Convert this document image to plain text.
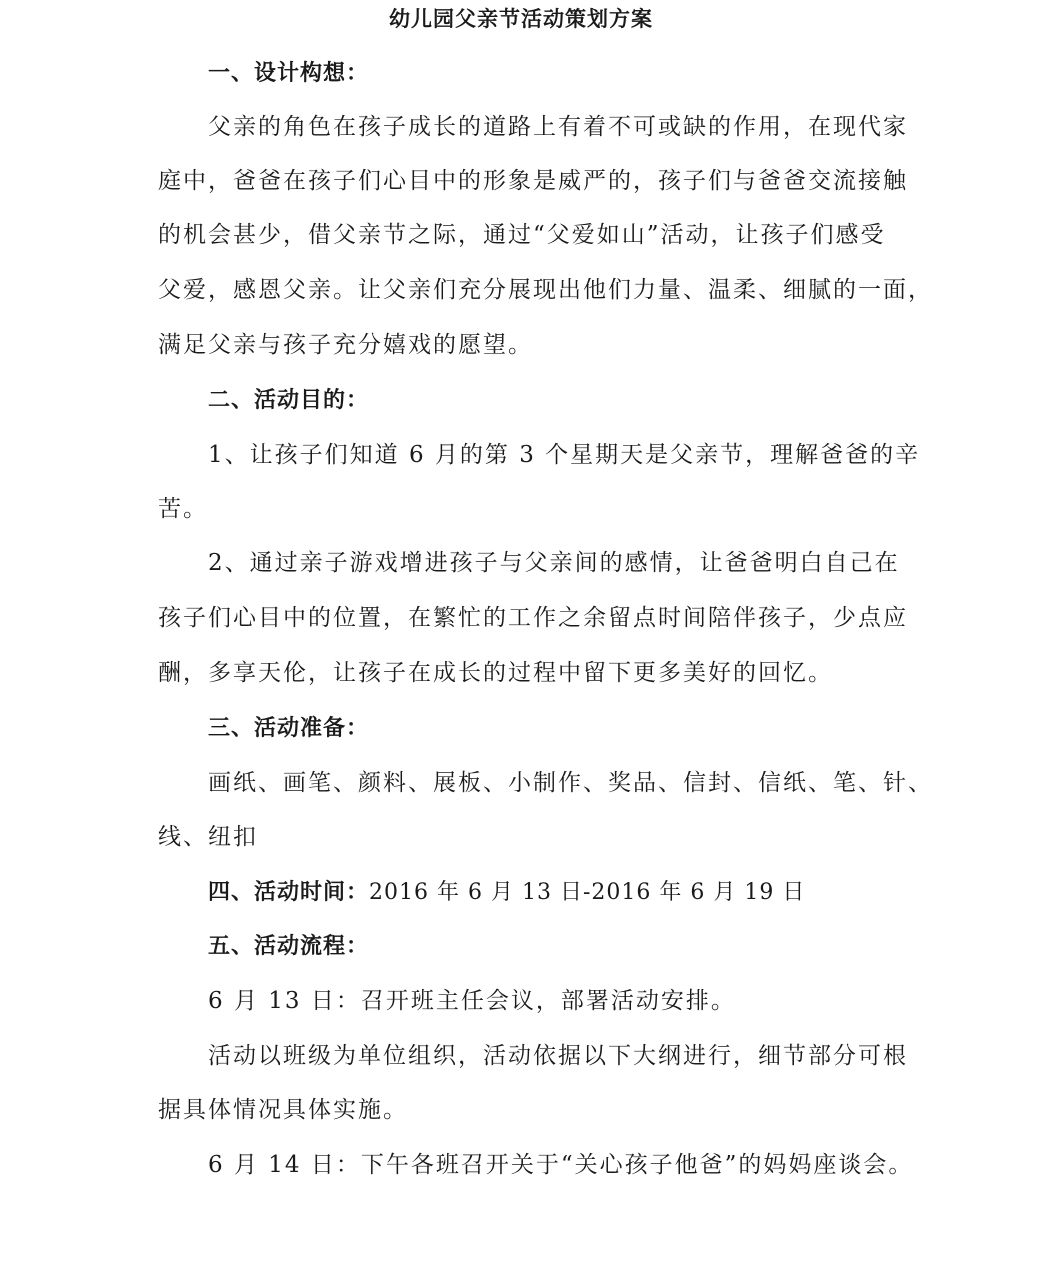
幼儿园父亲节活动策划方案
一、设计构想：
父亲的角色在孩子成长的道路上有着不可或缺的作用，在现代家
庭中，爸爸在孩子们心目中的形象是威严的，孩子们与爸爸交流接触
的机会甚少，借父亲节之际，通过“父爱如山”活动，让孩子们感受
父爱，感恩父亲。让父亲们充分展现出他们力量、温柔、细腻的一面，
满足父亲与孩子充分嬉戏的愿望。
二、活动目的：
1、让孩子们知道 6 月的第 3 个星期天是父亲节，理解爸爸的辛
苦。
2、通过亲子游戏增进孩子与父亲间的感情，让爸爸明白自己在
孩子们心目中的位置，在繁忙的工作之余留点时间陪伴孩子，少点应
酬，多享天伦，让孩子在成长的过程中留下更多美好的回忆。
三、活动准备：
画纸、画笔、颜料、展板、小制作、奖品、信封、信纸、笔、针、
线、纽扣
四、活动时间：2016 年 6 月 13 日-2016 年 6 月 19 日
五、活动流程：
6 月 13 日：召开班主任会议，部署活动安排。
活动以班级为单位组织，活动依据以下大纲进行，细节部分可根
据具体情况具体实施。
6 月 14 日：下午各班召开关于“关心孩子他爸”的妈妈座谈会。
